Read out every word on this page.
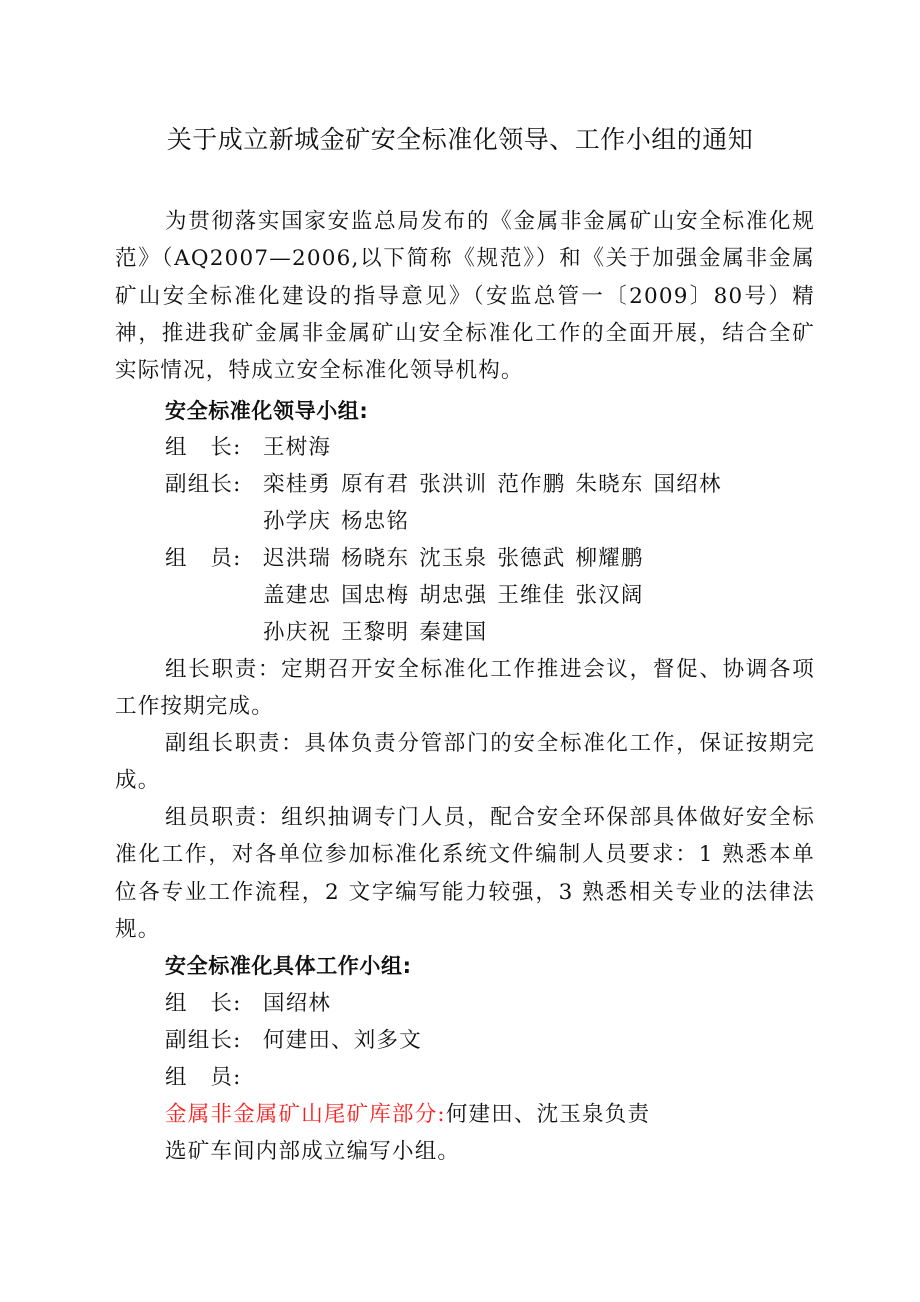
关于成立新城金矿安全标准化领导、工作小组的通知
为贯彻落实国家安监总局发布的《金属非金属矿山安全标准化规范》（AQ2007—2006,以下简称《规范》）和《关于加强金属非金属矿山安全标准化建设的指导意见》（安监总管一〔2009〕80号）精神，推进我矿金属非金属矿山安全标准化工作的全面开展，结合全矿实际情况，特成立安全标准化领导机构。
安全标准化领导小组:
组　长: 王树海
副组长: 栾桂勇 原有君 张洪训 范作鹏 朱晓东 国绍林
孙学庆 杨忠铭
组　员: 迟洪瑞 杨晓东 沈玉泉 张德武 柳耀鹏
盖建忠 国忠梅 胡忠强 王维佳 张汉阔
孙庆祝 王黎明 秦建国
组长职责：定期召开安全标准化工作推进会议，督促、协调各项工作按期完成。
副组长职责：具体负责分管部门的安全标准化工作，保证按期完成。
组员职责：组织抽调专门人员，配合安全环保部具体做好安全标准化工作，对各单位参加标准化系统文件编制人员要求：1 熟悉本单位各专业工作流程，2 文字编写能力较强，3 熟悉相关专业的法律法规。
安全标准化具体工作小组:
组　长: 国绍林
副组长: 何建田、刘多文
组　员:
金属非金属矿山尾矿库部分:何建田、沈玉泉负责
选矿车间内部成立编写小组。
